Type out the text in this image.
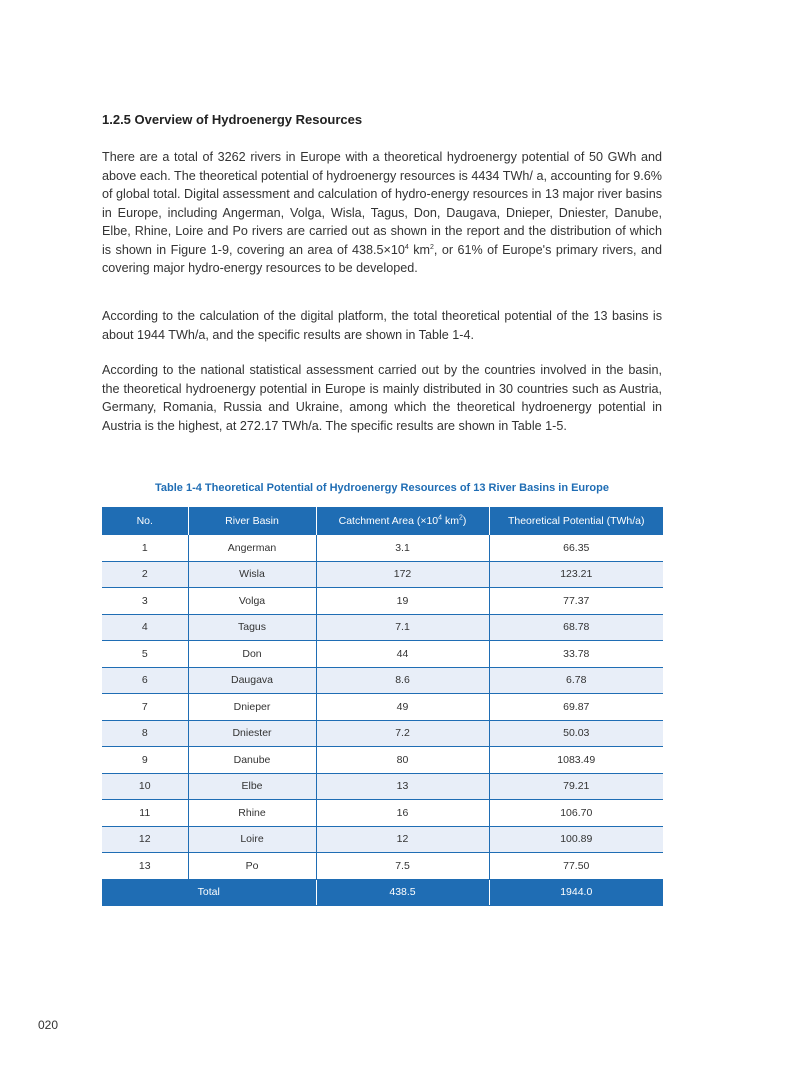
1.2.5 Overview of Hydroenergy Resources
There are a total of 3262 rivers in Europe with a theoretical hydroenergy potential of 50 GWh and above each. The theoretical potential of hydroenergy resources is 4434 TWh/ a, accounting for 9.6% of global total. Digital assessment and calculation of hydro-energy resources in 13 major river basins in Europe, including Angerman, Volga, Wisla, Tagus, Don, Daugava, Dnieper, Dniester, Danube, Elbe, Rhine, Loire and Po rivers are carried out as shown in the report and the distribution of which is shown in Figure 1-9, covering an area of $438.5\times 10^4$ $km^2$, or 61% of Europe's primary rivers, and covering major hydro-energy resources to be developed.
According to the calculation of the digital platform, the total theoretical potential of the 13 basins is about 1944 TWh/a, and the specific results are shown in Table 1-4.
According to the national statistical assessment carried out by the countries involved in the basin, the theoretical hydroenergy potential in Europe is mainly distributed in 30 countries such as Austria, Germany, Romania, Russia and Ukraine, among which the theoretical hydroenergy potential in Austria is the highest, at 272.17 TWh/a. The specific results are shown in Table 1-5.
Table 1-4 Theoretical Potential of Hydroenergy Resources of 13 River Basins in Europe
No.	River Basin	Catchment Area ($\times 10^4$ $km^2$)	Theoretical Potential (TWh/a)
1	Angerman	3.1	66.35
2	Wisla	172	123.21
3	Volga	19	77.37
4	Tagus	7.1	68.78
5	Don	44	33.78
6	Daugava	8.6	6.78
7	Dnieper	49	69.87
8	Dniester	7.2	50.03
9	Danube	80	1083.49
10	Elbe	13	79.21
11	Rhine	16	106.70
12	Loire	12	100.89
13	Po	7.5	77.50
Total		438.5	1944.0
020
